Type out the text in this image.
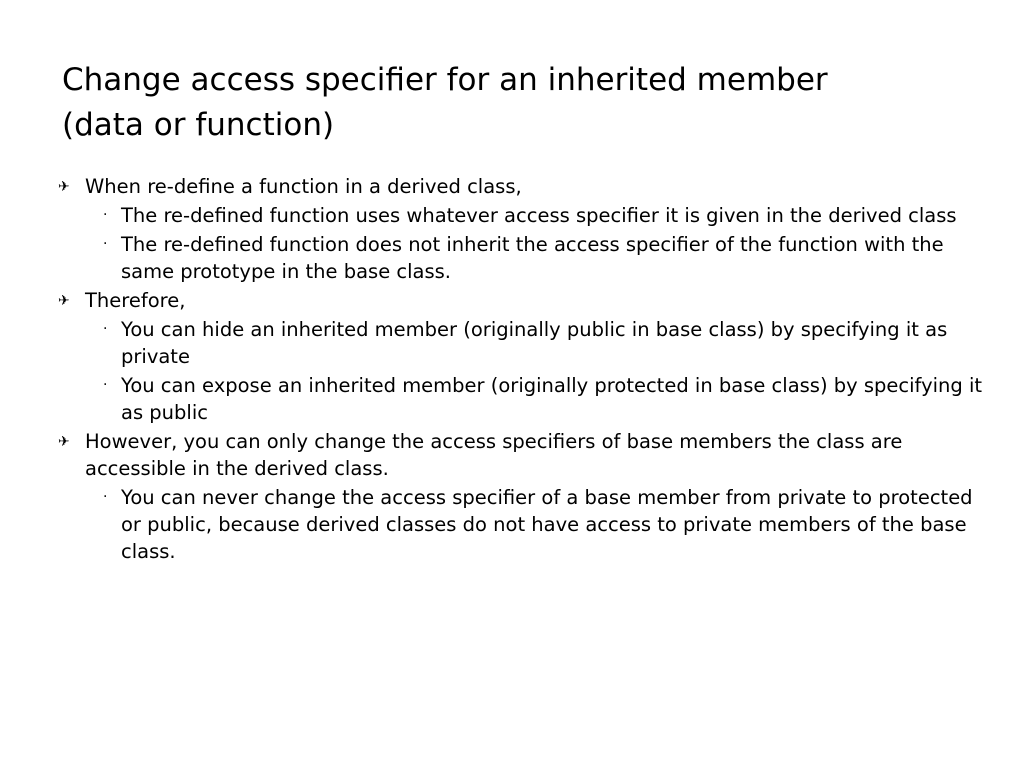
Change access specifier for an inherited member
(data or function)
✈ When re-define a function in a derived class,
· The re-defined function uses whatever access specifier it is given in the derived class
· The re-defined function does not inherit the access specifier of the function with the same prototype in the base class.
✈ Therefore,
· You can hide an inherited member (originally public in base class) by specifying it as private
· You can expose an inherited member (originally protected in base class) by specifying it as public
✈ However, you can only change the access specifiers of base members the class are accessible in the derived class.
· You can never change the access specifier of a base member from private to protected or public, because derived classes do not have access to private members of the base class.
